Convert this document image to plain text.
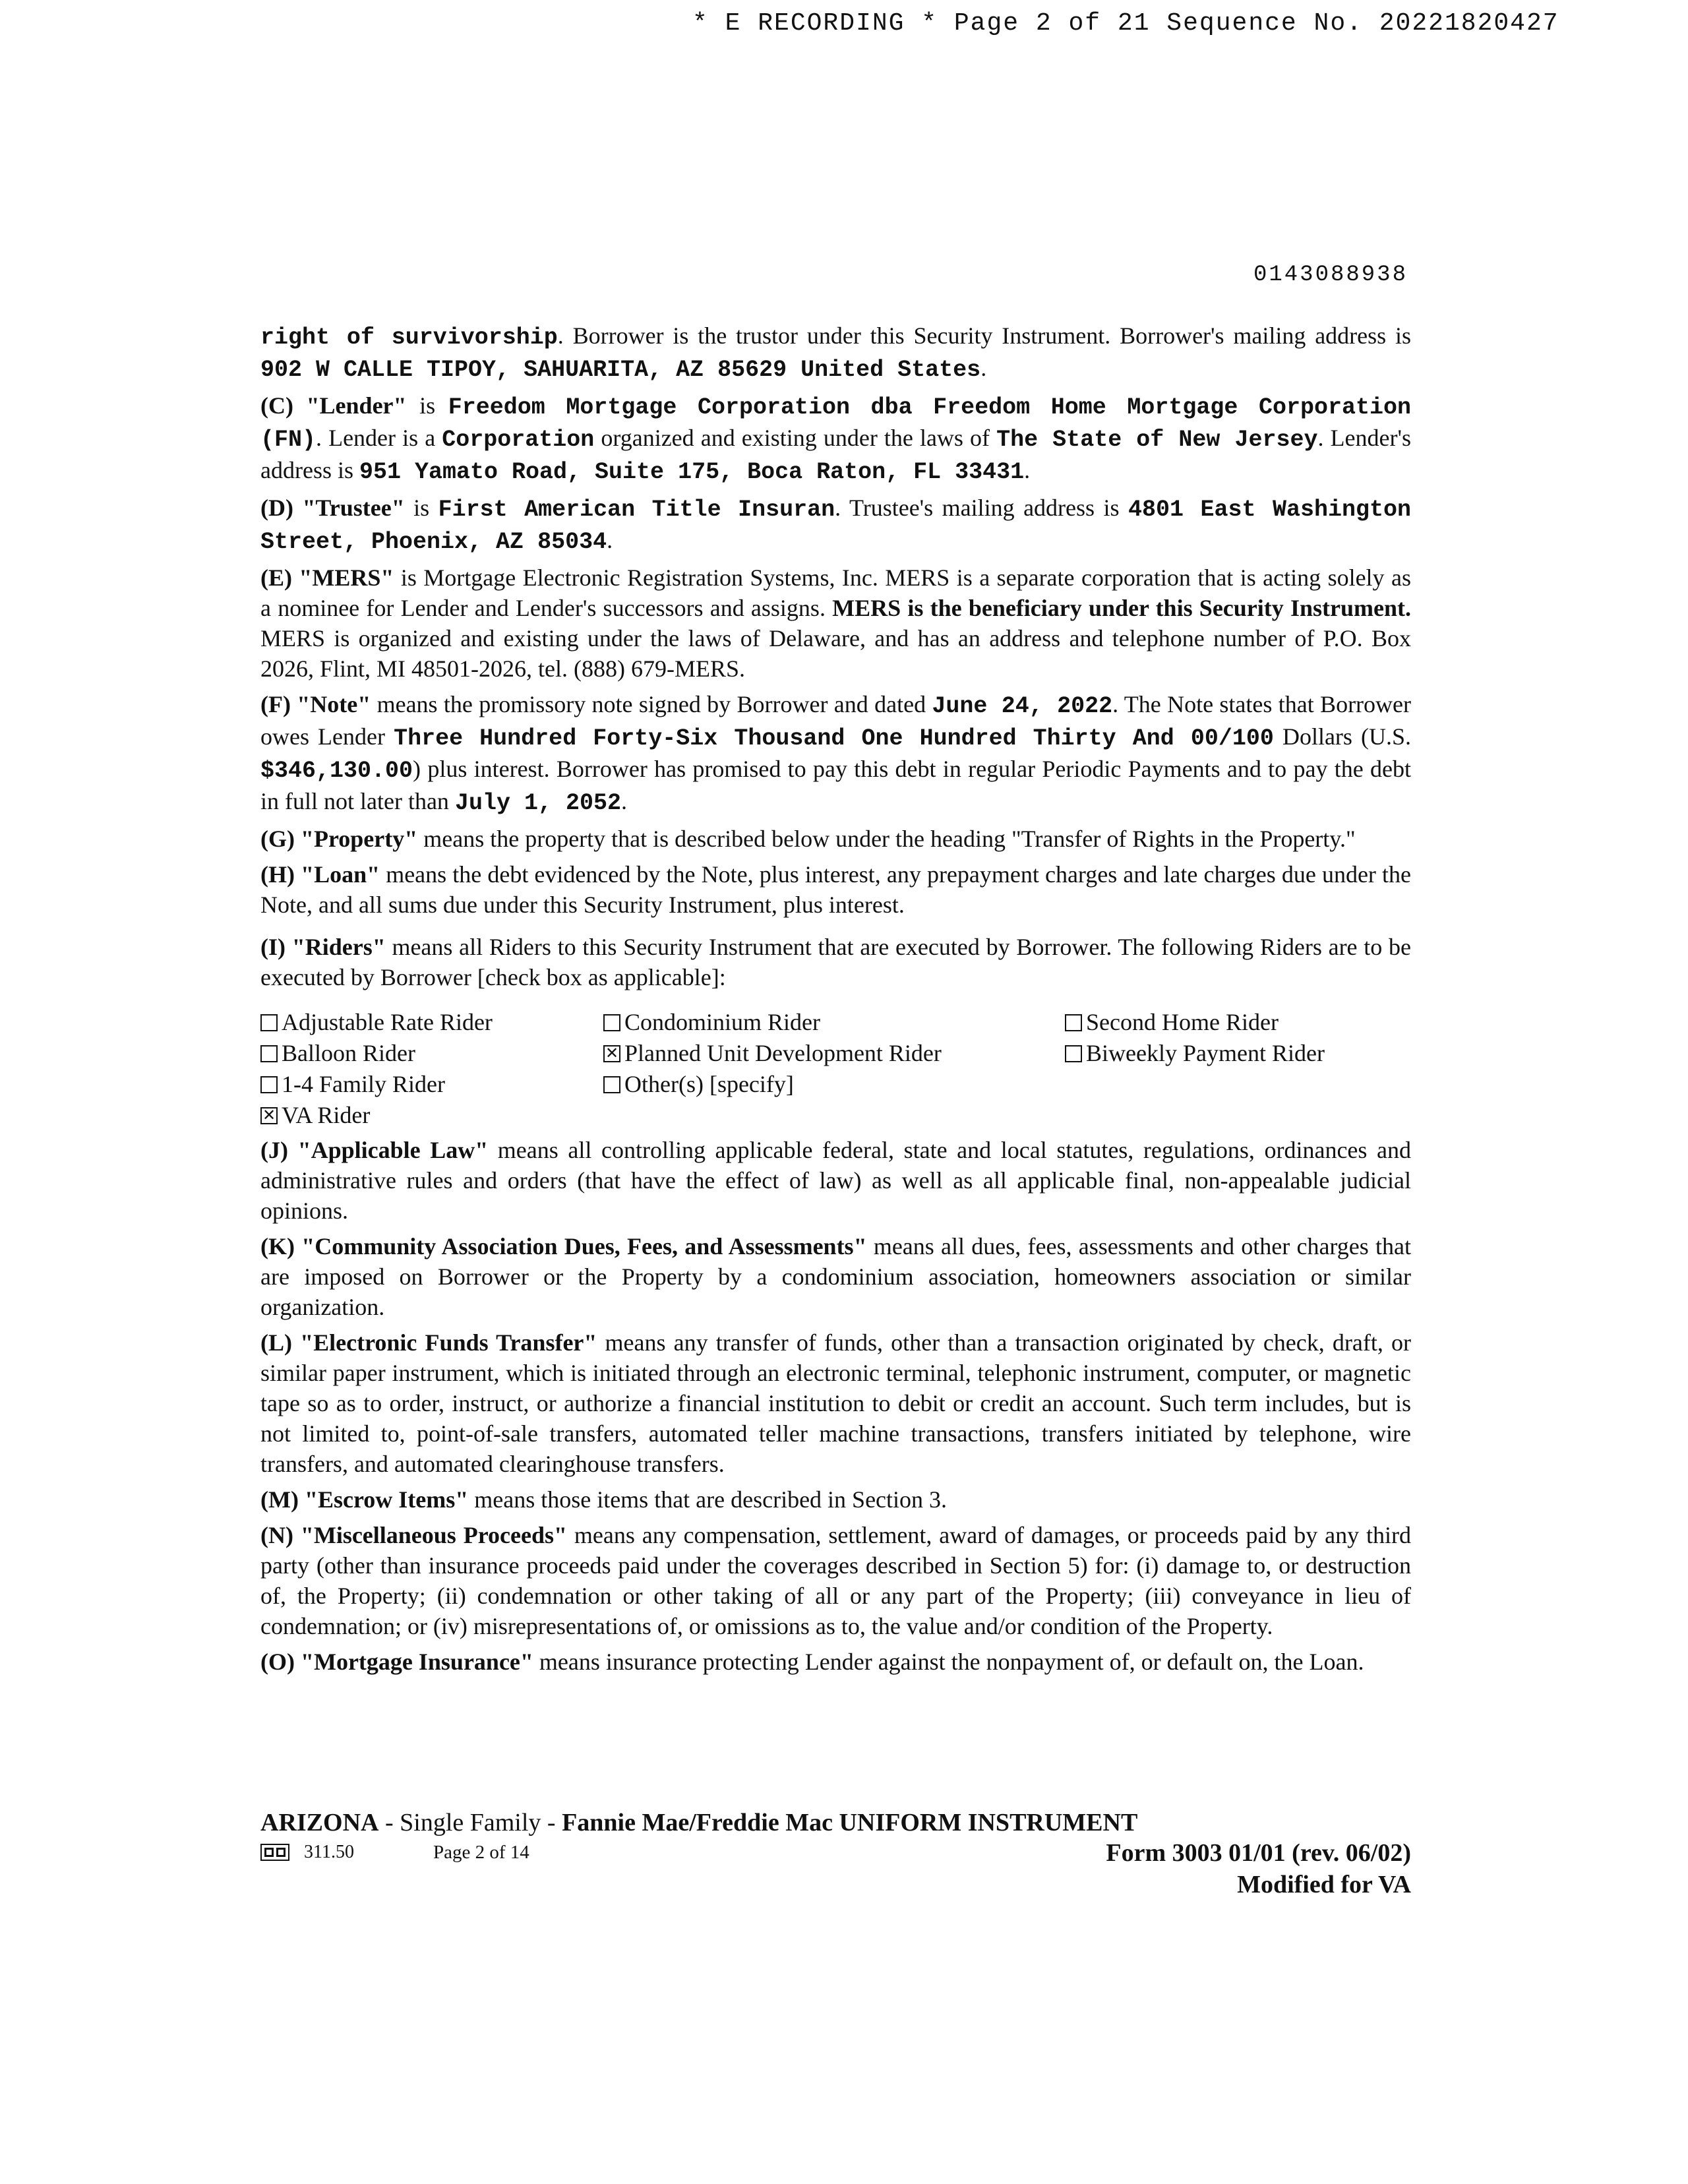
* E RECORDING * Page 2 of 21 Sequence No. 20221820427
0143088938

right of survivorship. Borrower is the trustor under this Security Instrument. Borrower's mailing address is 902 W CALLE TIPOY, SAHUARITA, AZ 85629 United States.

(C) "Lender" is Freedom Mortgage Corporation dba Freedom Home Mortgage Corporation (FN). Lender is a Corporation organized and existing under the laws of The State of New Jersey. Lender's address is 951 Yamato Road, Suite 175, Boca Raton, FL 33431.

(D) "Trustee" is First American Title Insuran. Trustee's mailing address is 4801 East Washington Street, Phoenix, AZ 85034.

(E) "MERS" is Mortgage Electronic Registration Systems, Inc. MERS is a separate corporation that is acting solely as a nominee for Lender and Lender's successors and assigns. MERS is the beneficiary under this Security Instrument. MERS is organized and existing under the laws of Delaware, and has an address and telephone number of P.O. Box 2026, Flint, MI 48501-2026, tel. (888) 679-MERS.

(F) "Note" means the promissory note signed by Borrower and dated June 24, 2022. The Note states that Borrower owes Lender Three Hundred Forty-Six Thousand One Hundred Thirty And 00/100 Dollars (U.S. $346,130.00) plus interest. Borrower has promised to pay this debt in regular Periodic Payments and to pay the debt in full not later than July 1, 2052.

(G) "Property" means the property that is described below under the heading "Transfer of Rights in the Property."

(H) "Loan" means the debt evidenced by the Note, plus interest, any prepayment charges and late charges due under the Note, and all sums due under this Security Instrument, plus interest.

(I) "Riders" means all Riders to this Security Instrument that are executed by Borrower. The following Riders are to be executed by Borrower [check box as applicable]:

Adjustable Rate Rider	Condominium Rider	Second Home Rider
Balloon Rider	✕ Planned Unit Development Rider	Biweekly Payment Rider
1-4 Family Rider	Other(s) [specify]
✕ VA Rider

(J) "Applicable Law" means all controlling applicable federal, state and local statutes, regulations, ordinances and administrative rules and orders (that have the effect of law) as well as all applicable final, non-appealable judicial opinions.

(K) "Community Association Dues, Fees, and Assessments" means all dues, fees, assessments and other charges that are imposed on Borrower or the Property by a condominium association, homeowners association or similar organization.

(L) "Electronic Funds Transfer" means any transfer of funds, other than a transaction originated by check, draft, or similar paper instrument, which is initiated through an electronic terminal, telephonic instrument, computer, or magnetic tape so as to order, instruct, or authorize a financial institution to debit or credit an account. Such term includes, but is not limited to, point-of-sale transfers, automated teller machine transactions, transfers initiated by telephone, wire transfers, and automated clearinghouse transfers.

(M) "Escrow Items" means those items that are described in Section 3.

(N) "Miscellaneous Proceeds" means any compensation, settlement, award of damages, or proceeds paid by any third party (other than insurance proceeds paid under the coverages described in Section 5) for: (i) damage to, or destruction of, the Property; (ii) condemnation or other taking of all or any part of the Property; (iii) conveyance in lieu of condemnation; or (iv) misrepresentations of, or omissions as to, the value and/or condition of the Property.

(O) "Mortgage Insurance" means insurance protecting Lender against the nonpayment of, or default on, the Loan.

ARIZONA - Single Family - Fannie Mae/Freddie Mac UNIFORM INSTRUMENT
311.50	Page 2 of 14	Form 3003 01/01 (rev. 06/02)
Modified for VA
